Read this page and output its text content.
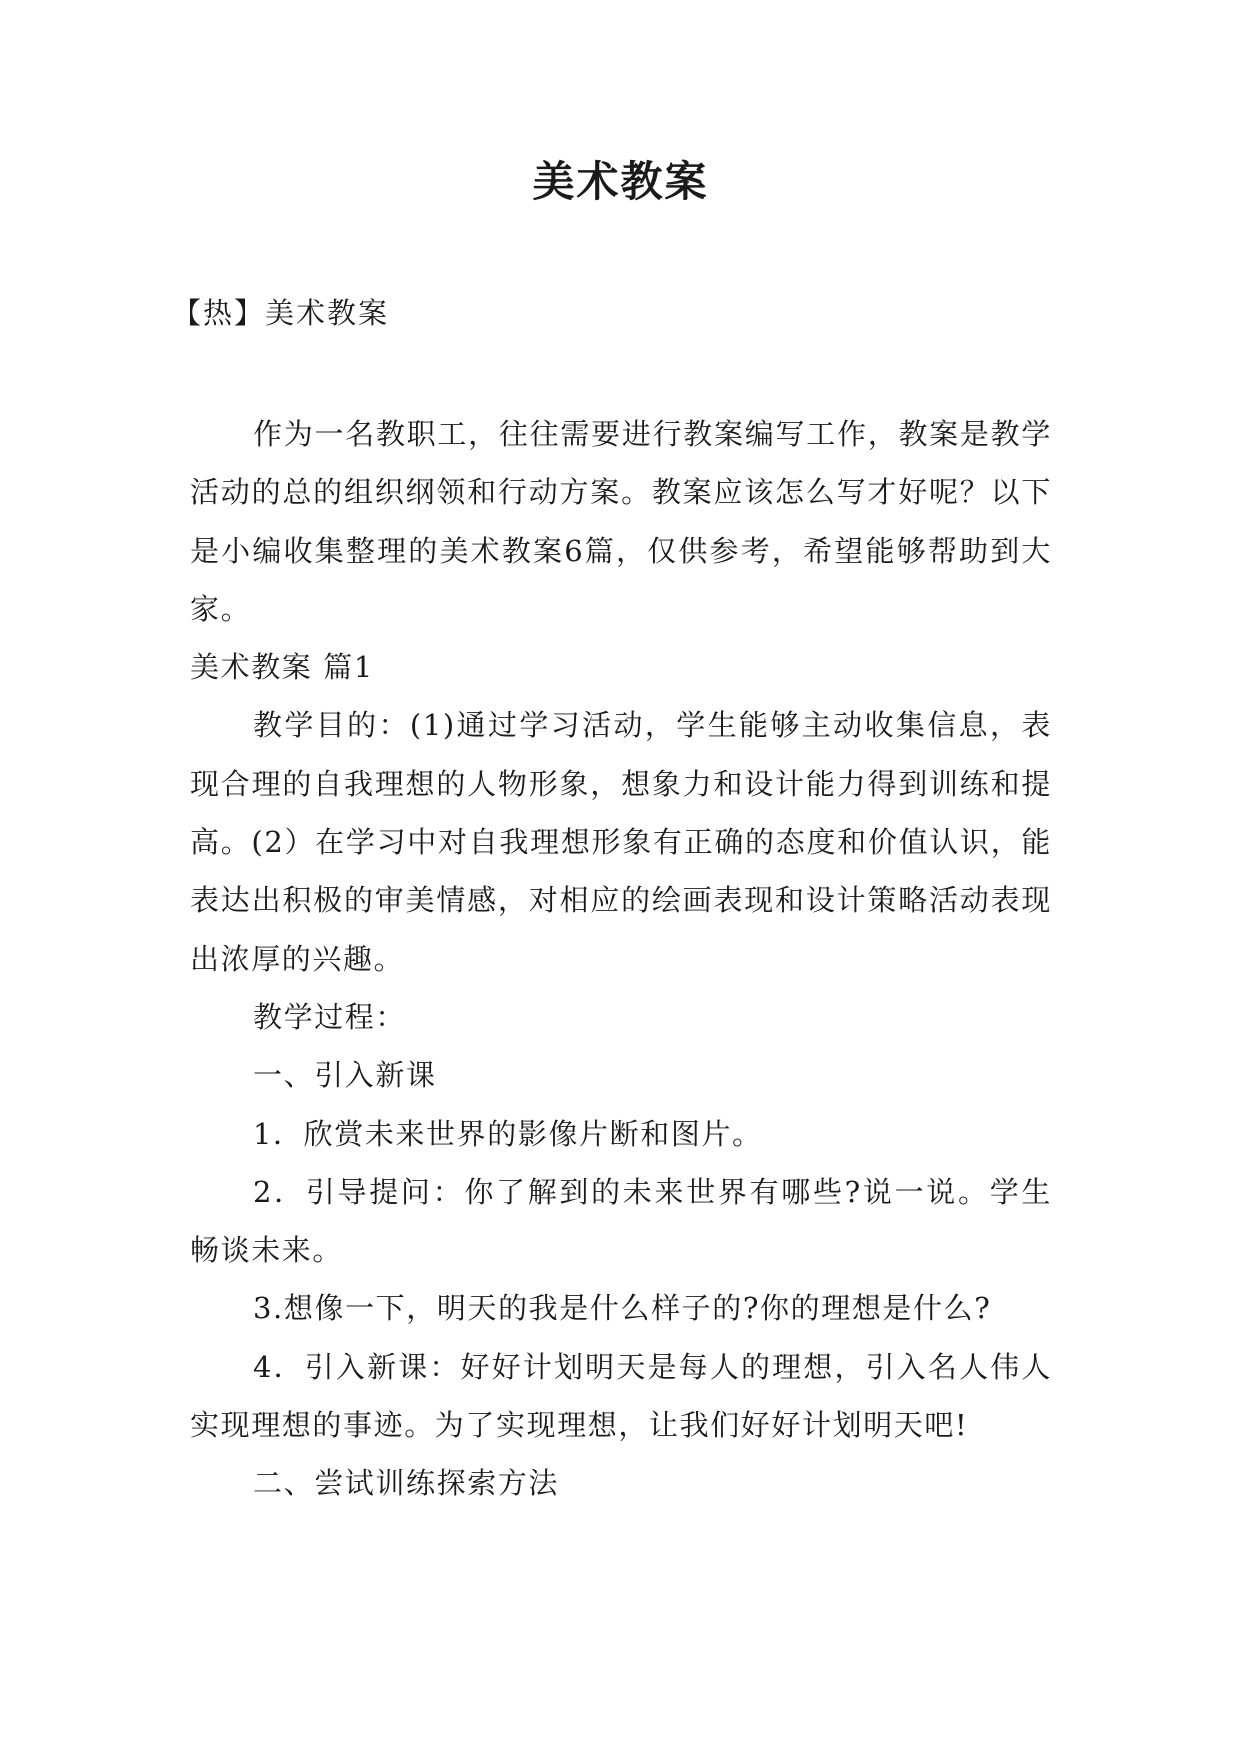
美术教案
【热】美术教案

作为一名教职工，往往需要进行教案编写工作，教案是教学活动的总的组织纲领和行动方案。教案应该怎么写才好呢？以下是小编收集整理的美术教案6篇，仅供参考，希望能够帮助到大家。

美术教案 篇1

教学目的：(1)通过学习活动，学生能够主动收集信息，表现合理的自我理想的人物形象，想象力和设计能力得到训练和提高。(2）在学习中对自我理想形象有正确的态度和价值认识，能表达出积极的审美情感，对相应的绘画表现和设计策略活动表现出浓厚的兴趣。

教学过程：

一、引入新课

1．欣赏未来世界的影像片断和图片。

2．引导提问：你了解到的未来世界有哪些?说一说。学生畅谈未来。

3.想像一下，明天的我是什么样子的?你的理想是什么?

4．引入新课：好好计划明天是每人的理想，引入名人伟人实现理想的事迹。为了实现理想，让我们好好计划明天吧!

二、尝试训练探索方法
